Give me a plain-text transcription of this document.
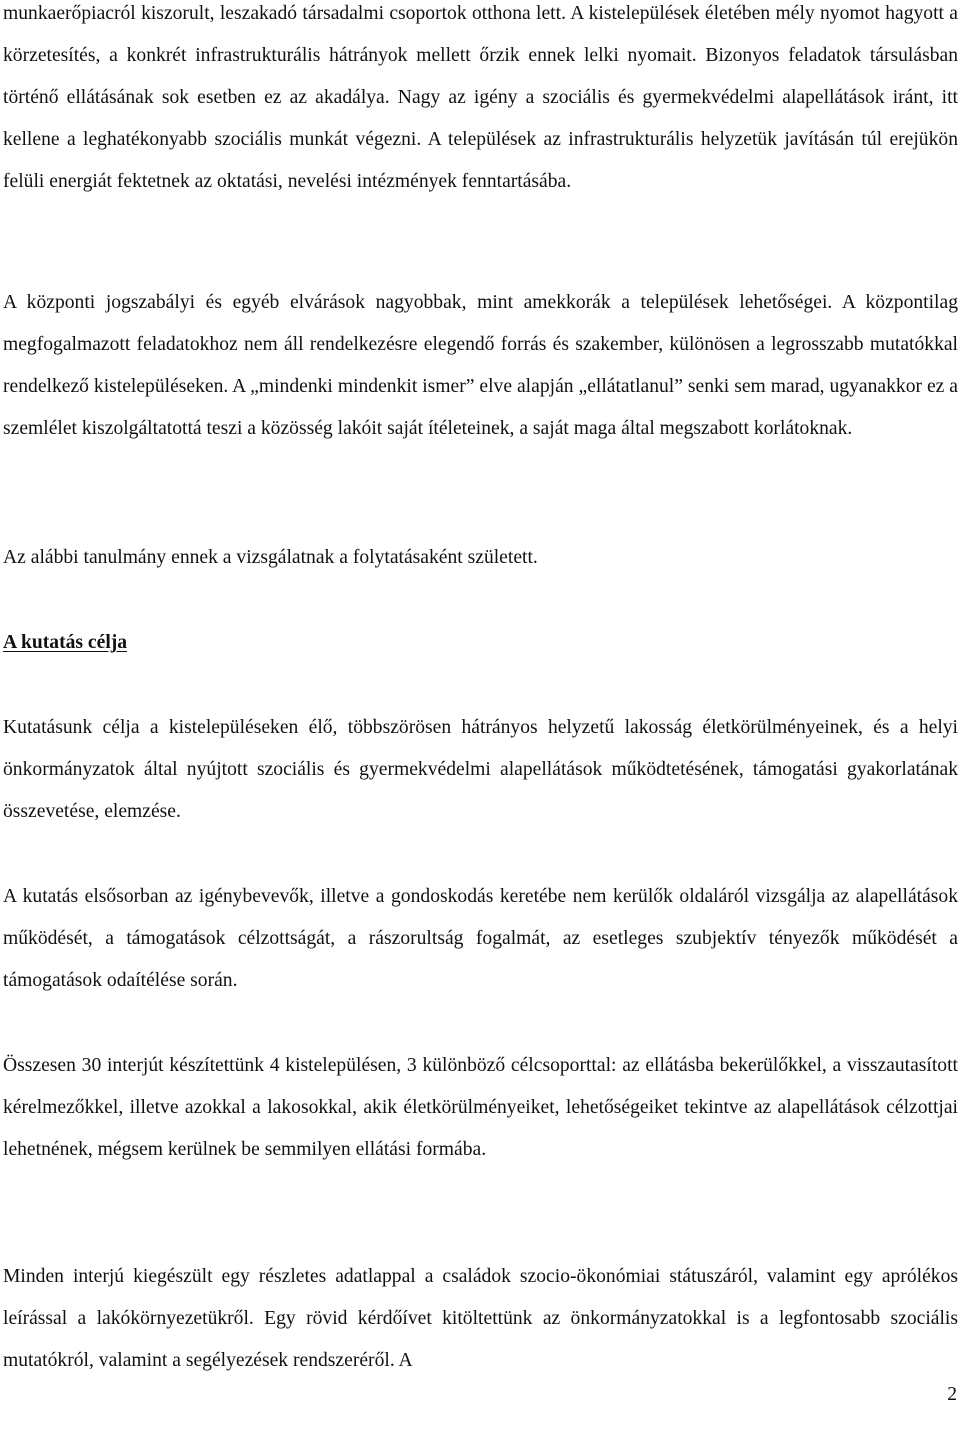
munkaerőpiacról kiszorult, leszakadó társadalmi csoportok otthona lett. A kistelepülések életében mély nyomot hagyott a körzetesítés, a konkrét infrastrukturális hátrányok mellett őrzik ennek lelki nyomait. Bizonyos feladatok társulásban történő ellátásának sok esetben ez az akadálya. Nagy az igény a szociális és gyermekvédelmi alapellátások iránt, itt kellene a leghatékonyabb szociális munkát végezni. A települések az infrastrukturális helyzetük javításán túl erejükön felüli energiát fektetnek az oktatási, nevelési intézmények fenntartásába.

A központi jogszabályi és egyéb elvárások nagyobbak, mint amekkorák a települések lehetőségei. A központilag megfogalmazott feladatokhoz nem áll rendelkezésre elegendő forrás és szakember, különösen a legrosszabb mutatókkal rendelkező kistelepüléseken. A „mindenki mindenkit ismer” elve alapján „ellátatlanul” senki sem marad, ugyanakkor ez a szemlélet kiszolgáltatottá teszi a közösség lakóit saját ítéleteinek, a saját maga által megszabott korlátoknak.

Az alábbi tanulmány ennek a vizsgálatnak a folytatásaként született.

A kutatás célja

Kutatásunk célja a kistelepüléseken élő, többszörösen hátrányos helyzetű lakosság életkörülményeinek, és a helyi önkormányzatok által nyújtott szociális és gyermekvédelmi alapellátások működtetésének, támogatási gyakorlatának összevetése, elemzése.

A kutatás elsősorban az igénybevevők, illetve a gondoskodás keretébe nem kerülők oldaláról vizsgálja az alapellátások működését, a támogatások célzottságát, a rászorultság fogalmát, az esetleges szubjektív tényezők működését a támogatások odaítélése során.

Összesen 30 interjút készítettünk 4 kistelepülésen, 3 különböző célcsoporttal: az ellátásba bekerülőkkel, a visszautasított kérelmezőkkel, illetve azokkal a lakosokkal, akik életkörülményeiket, lehetőségeiket tekintve az alapellátások célzottjai lehetnének, mégsem kerülnek be semmilyen ellátási formába.

Minden interjú kiegészült egy részletes adatlappal a családok szocio-ökonómiai státuszáról, valamint egy aprólékos leírással a lakókörnyezetükről. Egy rövid kérdőívet kitöltettünk az önkormányzatokkal is a legfontosabb szociális mutatókról, valamint a segélyezések rendszeréről. A

2
